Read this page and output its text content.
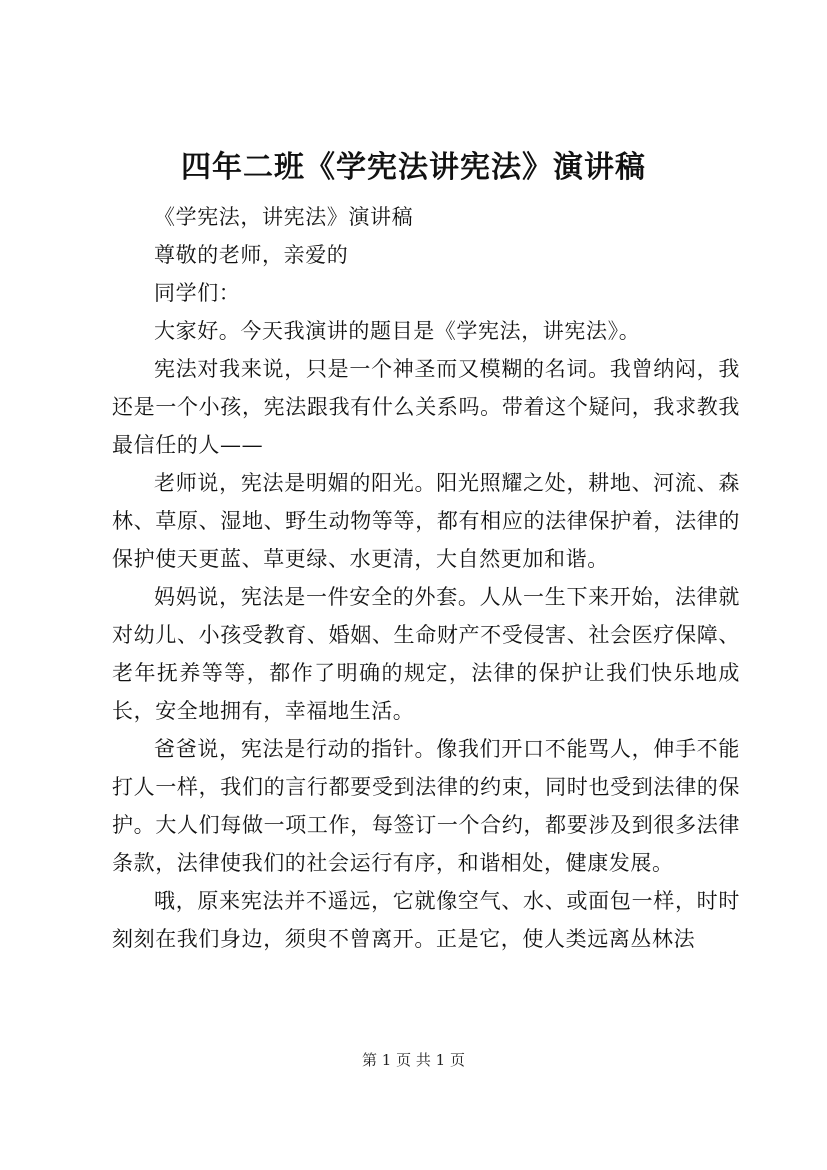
四年二班《学宪法讲宪法》演讲稿

《学宪法，讲宪法》演讲稿

尊敬的老师，亲爱的

同学们：

大家好。今天我演讲的题目是《学宪法，讲宪法》。

宪法对我来说，只是一个神圣而又模糊的名词。我曾纳闷，我还是一个小孩，宪法跟我有什么关系吗。带着这个疑问，我求教我最信任的人——

老师说，宪法是明媚的阳光。阳光照耀之处，耕地、河流、森林、草原、湿地、野生动物等等，都有相应的法律保护着，法律的保护使天更蓝、草更绿、水更清，大自然更加和谐。

妈妈说，宪法是一件安全的外套。人从一生下来开始，法律就对幼儿、小孩受教育、婚姻、生命财产不受侵害、社会医疗保障、老年抚养等等，都作了明确的规定，法律的保护让我们快乐地成长，安全地拥有，幸福地生活。

爸爸说，宪法是行动的指针。像我们开口不能骂人，伸手不能打人一样，我们的言行都要受到法律的约束，同时也受到法律的保护。大人们每做一项工作，每签订一个合约，都要涉及到很多法律条款，法律使我们的社会运行有序，和谐相处，健康发展。

哦，原来宪法并不遥远，它就像空气、水、或面包一样，时时刻刻在我们身边，须臾不曾离开。正是它，使人类远离丛林法

第 1 页 共 1 页
